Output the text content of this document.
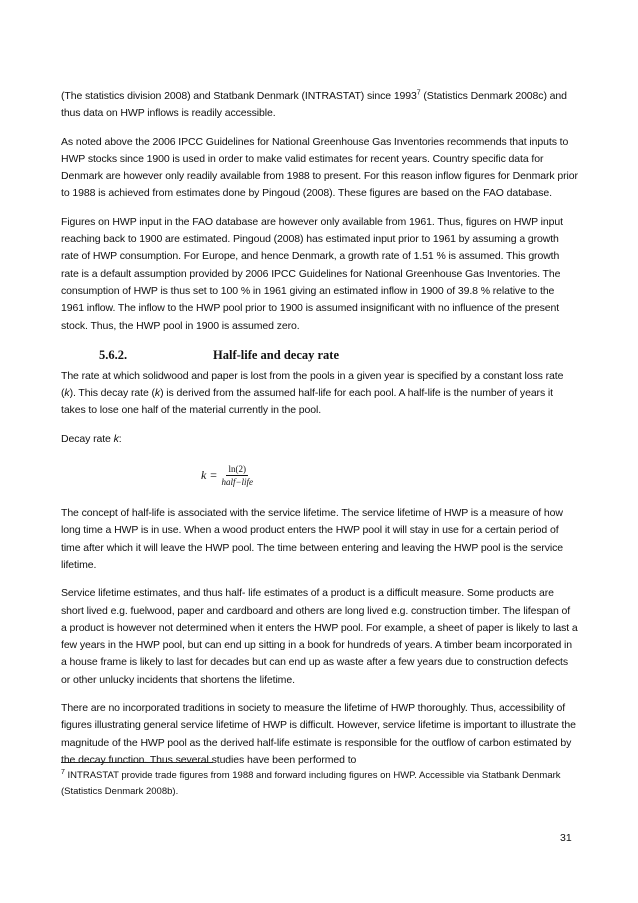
(The statistics division 2008) and Statbank Denmark (INTRASTAT) since 1993$^7$ (Statistics Denmark 2008c) and thus data on HWP inflows is readily accessible.

As noted above the 2006 IPCC Guidelines for National Greenhouse Gas Inventories recommends that inputs to HWP stocks since 1900 is used in order to make valid estimates for recent years. Country specific data for Denmark are however only readily available from 1988 to present. For this reason inflow figures for Denmark prior to 1988 is achieved from estimates done by Pingoud (2008). These figures are based on the FAO database.

Figures on HWP input in the FAO database are however only available from 1961. Thus, figures on HWP input reaching back to 1900 are estimated. Pingoud (2008) has estimated input prior to 1961 by assuming a growth rate of HWP consumption. For Europe, and hence Denmark, a growth rate of 1.51 % is assumed. This growth rate is a default assumption provided by 2006 IPCC Guidelines for National Greenhouse Gas Inventories. The consumption of HWP is thus set to 100 % in 1961 giving an estimated inflow in 1900 of 39.8 % relative to the 1961 inflow. The inflow to the HWP pool prior to 1900 is assumed insignificant with no influence of the present stock. Thus, the HWP pool in 1900 is assumed zero.

5.6.2.	Half-life and decay rate

The rate at which solidwood and paper is lost from the pools in a given year is specified by a constant loss rate (k). This decay rate (k) is derived from the assumed half-life for each pool. A half-life is the number of years it takes to lose one half of the material currently in the pool.

Decay rate k:

$k = \frac{\ln(2)}{\text{half−life}}$

The concept of half-life is associated with the service lifetime. The service lifetime of HWP is a measure of how long time a HWP is in use. When a wood product enters the HWP pool it will stay in use for a certain period of time after which it will leave the HWP pool. The time between entering and leaving the HWP pool is the service lifetime.

Service lifetime estimates, and thus half- life estimates of a product is a difficult measure. Some products are short lived e.g. fuelwood, paper and cardboard and others are long lived e.g. construction timber. The lifespan of a product is however not determined when it enters the HWP pool. For example, a sheet of paper is likely to last a few years in the HWP pool, but can end up sitting in a book for hundreds of years. A timber beam incorporated in a house frame is likely to last for decades but can end up as waste after a few years due to construction defects or other unlucky incidents that shortens the lifetime.

There are no incorporated traditions in society to measure the lifetime of HWP thoroughly. Thus, accessibility of figures illustrating general service lifetime of HWP is difficult. However, service lifetime is important to illustrate the magnitude of the HWP pool as the derived half-life estimate is responsible for the outflow of carbon estimated by the decay function. Thus several studies have been performed to

$^7$ INTRASTAT provide trade figures from 1988 and forward including figures on HWP. Accessible via Statbank Denmark (Statistics Denmark 2008b).
31
